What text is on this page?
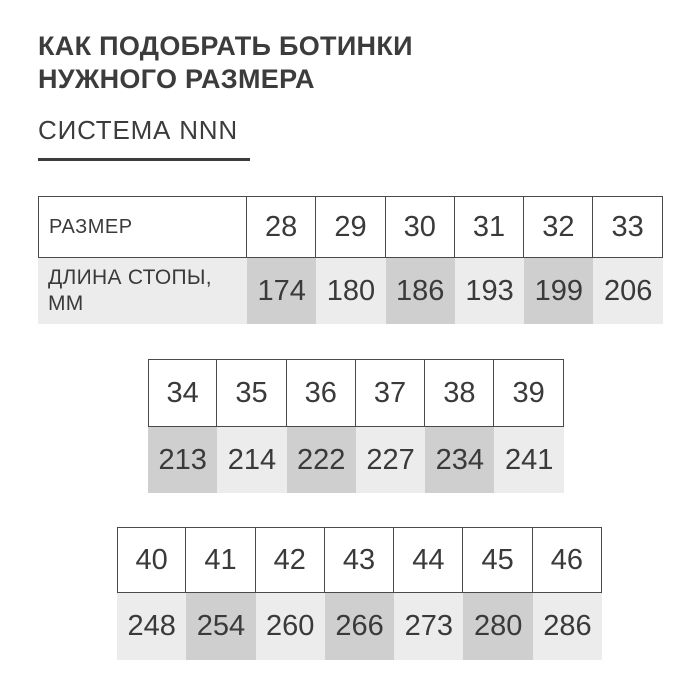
КАК ПОДОБРАТЬ БОТИНКИ
НУЖНОГО РАЗМЕРА
СИСТЕМА NNN
РАЗМЕР	28	29	30	31	32	33
ДЛИНА СТОПЫ, ММ	174 180 186 193 199 206
34	35	36	37	38	39
213 214 222 227 234 241
40	41	42	43	44	45	46
248 254 260 266 273 280 286
